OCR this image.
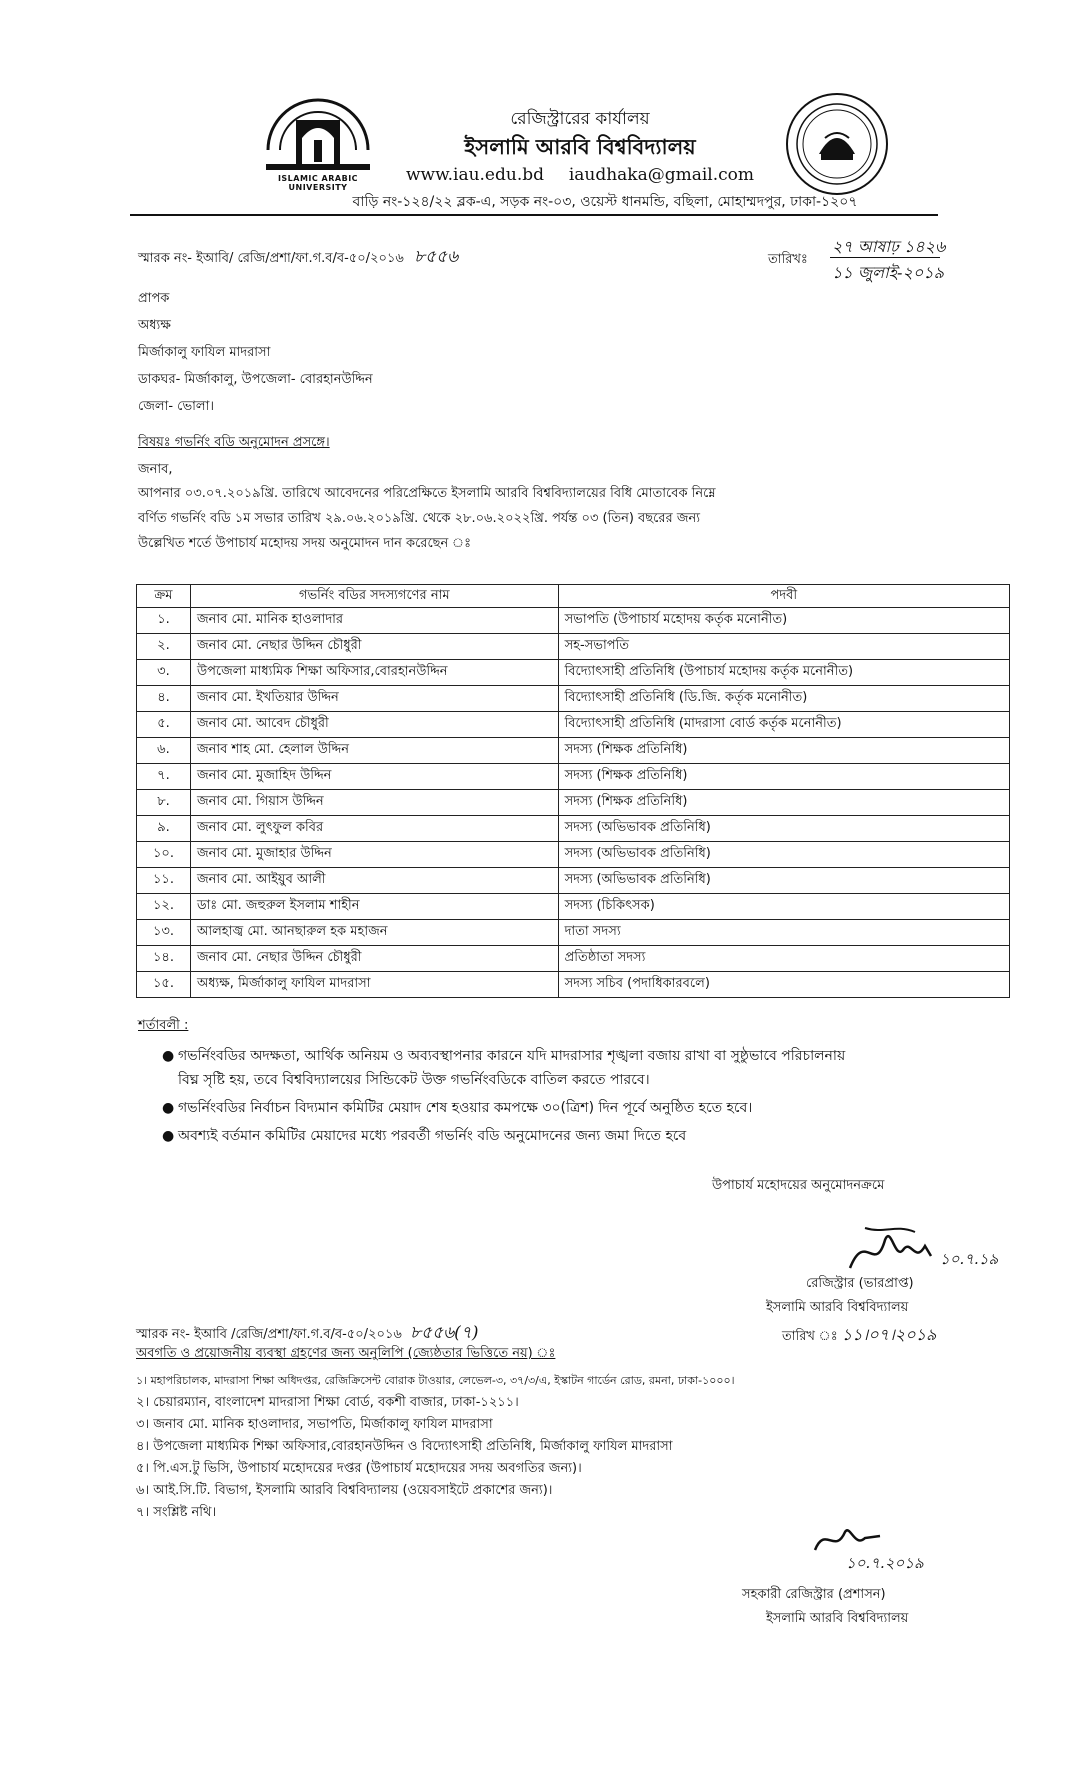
ISLAMIC ARABIC UNIVERSITY
রেজিস্ট্রারের কার্যালয়
ইসলামি আরবি বিশ্ববিদ্যালয়
www.iau.edu.bd iaudhaka@gmail.com
বাড়ি নং-১২৪/২২ ব্লক-এ, সড়ক নং-০৩, ওয়েস্ট ধানমন্ডি, বছিলা, মোহাম্মদপুর, ঢাকা-১২০৭
স্মারক নং- ইআবি/ রেজি/প্রশা/ফা.গ.ব/ব-৫০/২০১৬ ৮৫৫৬	তারিখঃ
২৭ আষাঢ় ১৪২৬
১১ জুলাই-২০১৯
প্রাপক
অধ্যক্ষ
মির্জাকালু ফাযিল মাদরাসা
ডাকঘর- মির্জাকালু, উপজেলা- বোরহানউদ্দিন
জেলা- ভোলা।
বিষয়ঃ গভর্নিং বডি অনুমোদন প্রসঙ্গে।
জনাব,
আপনার ০৩.০৭.২০১৯খ্রি. তারিখে আবেদনের পরিপ্রেক্ষিতে ইসলামি আরবি বিশ্ববিদ্যালয়ের বিধি মোতাবেক নিম্নে
বর্ণিত গভর্নিং বডি ১ম সভার তারিখ ২৯.০৬.২০১৯খ্রি. থেকে ২৮.০৬.২০২২খ্রি. পর্যন্ত ০৩ (তিন) বছরের জন্য
উল্লেখিত শর্তে উপাচার্য মহোদয় সদয় অনুমোদন দান করেছেন ঃ
ক্রম	গভর্নিং বডির সদস্যগণের নাম	পদবী
১.	জনাব মো. মানিক হাওলাদার	সভাপতি (উপাচার্য মহোদয় কর্তৃক মনোনীত)
২.	জনাব মো. নেছার উদ্দিন চৌধুরী	সহ-সভাপতি
৩.	উপজেলা মাধ্যমিক শিক্ষা অফিসার,বোরহানউদ্দিন	বিদ্যোৎসাহী প্রতিনিধি (উপাচার্য মহোদয় কর্তৃক মনোনীত)
৪.	জনাব মো. ইখতিয়ার উদ্দিন	বিদ্যোৎসাহী প্রতিনিধি (ডি.জি. কর্তৃক মনোনীত)
৫.	জনাব মো. আবেদ চৌধুরী	বিদ্যোৎসাহী প্রতিনিধি (মাদরাসা বোর্ড কর্তৃক মনোনীত)
৬.	জনাব শাহ মো. হেলাল উদ্দিন	সদস্য (শিক্ষক প্রতিনিধি)
৭.	জনাব মো. মুজাহিদ উদ্দিন	সদস্য (শিক্ষক প্রতিনিধি)
৮.	জনাব মো. গিয়াস উদ্দিন	সদস্য (শিক্ষক প্রতিনিধি)
৯.	জনাব মো. লুৎফুল কবির	সদস্য (অভিভাবক প্রতিনিধি)
১০.	জনাব মো. মুজাহার উদ্দিন	সদস্য (অভিভাবক প্রতিনিধি)
১১.	জনাব মো. আইয়ুব আলী	সদস্য (অভিভাবক প্রতিনিধি)
১২.	ডাঃ মো. জহুরুল ইসলাম শাহীন	সদস্য (চিকিৎসক)
১৩.	আলহাজ্ব মো. আনছারুল হক মহাজন	দাতা সদস্য
১৪.	জনাব মো. নেছার উদ্দিন চৌধুরী	প্রতিষ্ঠাতা সদস্য
১৫.	অধ্যক্ষ, মির্জাকালু ফাযিল মাদরাসা	সদস্য সচিব (পদাধিকারবলে)
শর্তাবলী :
● গভর্নিংবডির অদক্ষতা, আর্থিক অনিয়ম ও অব্যবস্থাপনার কারনে যদি মাদরাসার শৃঙ্খলা বজায় রাখা বা সুষ্ঠুভাবে পরিচালনায়
বিঘ্ন সৃষ্টি হয়, তবে বিশ্ববিদ্যালয়ের সিন্ডিকেট উক্ত গভর্নিংবডিকে বাতিল করতে পারবে।
● গভর্নিংবডির নির্বাচন বিদ্যমান কমিটির মেয়াদ শেষ হওয়ার কমপক্ষে ৩০(ত্রিশ) দিন পূর্বে অনুষ্ঠিত হতে হবে।
● অবশ্যই বর্তমান কমিটির মেয়াদের মধ্যে পরবর্তী গভর্নিং বডি অনুমোদনের জন্য জমা দিতে হবে
উপাচার্য মহোদয়ের অনুমোদনক্রমে
১০.৭.১৯
রেজিস্ট্রার (ভারপ্রাপ্ত)
ইসলামি আরবি বিশ্ববিদ্যালয়
তারিখ ঃ ১১।০৭।২০১৯
স্মারক নং- ইআবি /রেজি/প্রশা/ফা.গ.ব/ব-৫০/২০১৬ ৮৫৫৬(৭)
অবগতি ও প্রয়োজনীয় ব্যবস্থা গ্রহণের জন্য অনুলিপি (জ্যেষ্ঠতার ভিত্তিতে নয়) ঃ
১। মহাপরিচালক, মাদরাসা শিক্ষা অধিদপ্তর, রেজিক্রিসেন্ট বোরাক টাওয়ার, লেভেল-৩, ৩৭/৩/এ, ইস্কাটন গার্ডেন রোড, রমনা, ঢাকা-১০০০।
২। চেয়ারম্যান, বাংলাদেশ মাদরাসা শিক্ষা বোর্ড, বকশী বাজার, ঢাকা-১২১১।
৩। জনাব মো. মানিক হাওলাদার, সভাপতি, মির্জাকালু ফাযিল মাদরাসা
৪। উপজেলা মাধ্যমিক শিক্ষা অফিসার,বোরহানউদ্দিন ও বিদ্যোৎসাহী প্রতিনিধি, মির্জাকালু ফাযিল মাদরাসা
৫। পি.এস.টু ভিসি, উপাচার্য মহোদয়ের দপ্তর (উপাচার্য মহোদয়ের সদয় অবগতির জন্য)।
৬। আই.সি.টি. বিভাগ, ইসলামি আরবি বিশ্ববিদ্যালয় (ওয়েবসাইটে প্রকাশের জন্য)।
৭। সংশ্লিষ্ট নথি।
১০.৭.২০১৯
সহকারী রেজিস্ট্রার (প্রশাসন)
ইসলামি আরবি বিশ্ববিদ্যালয়
